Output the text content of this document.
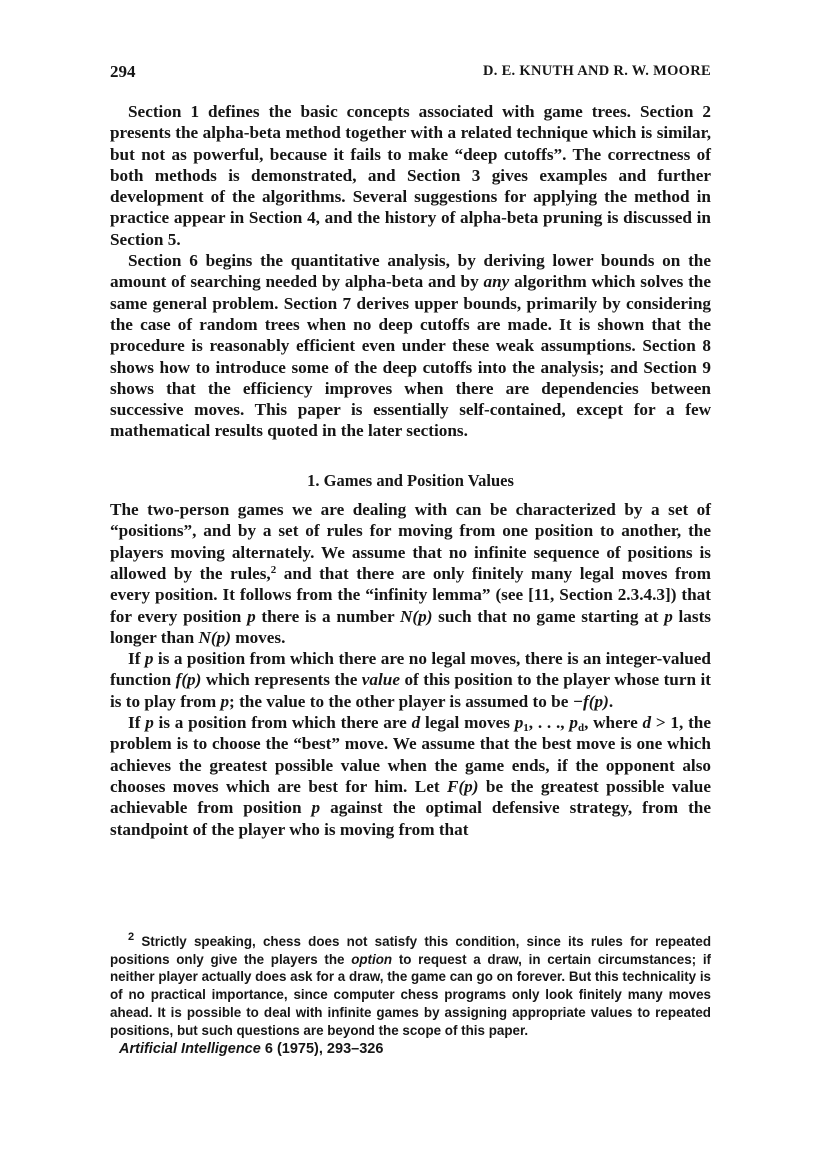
294	D. E. KNUTH AND R. W. MOORE

Section 1 defines the basic concepts associated with game trees. Section 2 presents the alpha-beta method together with a related technique which is similar, but not as powerful, because it fails to make “deep cutoffs”. The correctness of both methods is demonstrated, and Section 3 gives examples and further development of the algorithms. Several suggestions for applying the method in practice appear in Section 4, and the history of alpha-beta pruning is discussed in Section 5.

Section 6 begins the quantitative analysis, by deriving lower bounds on the amount of searching needed by alpha-beta and by any algorithm which solves the same general problem. Section 7 derives upper bounds, primarily by considering the case of random trees when no deep cutoffs are made. It is shown that the procedure is reasonably efficient even under these weak assumptions. Section 8 shows how to introduce some of the deep cutoffs into the analysis; and Section 9 shows that the efficiency improves when there are dependencies between successive moves. This paper is essentially self-contained, except for a few mathematical results quoted in the later sections.

1. Games and Position Values

The two-person games we are dealing with can be characterized by a set of “positions”, and by a set of rules for moving from one position to another, the players moving alternately. We assume that no infinite sequence of positions is allowed by the rules,$^2$ and that there are only finitely many legal moves from every position. It follows from the “infinity lemma” (see [11, Section 2.3.4.3]) that for every position p there is a number N(p) such that no game starting at p lasts longer than N(p) moves.

If p is a position from which there are no legal moves, there is an integer-valued function f(p) which represents the value of this position to the player whose turn it is to play from p; the value to the other player is assumed to be −f(p).

If p is a position from which there are d legal moves $p_1$, . . ., $p_d$, where d > 1, the problem is to choose the “best” move. We assume that the best move is one which achieves the greatest possible value when the game ends, if the opponent also chooses moves which are best for him. Let F(p) be the greatest possible value achievable from position p against the optimal defensive strategy, from the standpoint of the player who is moving from that

$^2$ Strictly speaking, chess does not satisfy this condition, since its rules for repeated positions only give the players the option to request a draw, in certain circumstances; if neither player actually does ask for a draw, the game can go on forever. But this technicality is of no practical importance, since computer chess programs only look finitely many moves ahead. It is possible to deal with infinite games by assigning appropriate values to repeated positions, but such questions are beyond the scope of this paper.

Artificial Intelligence 6 (1975), 293–326
